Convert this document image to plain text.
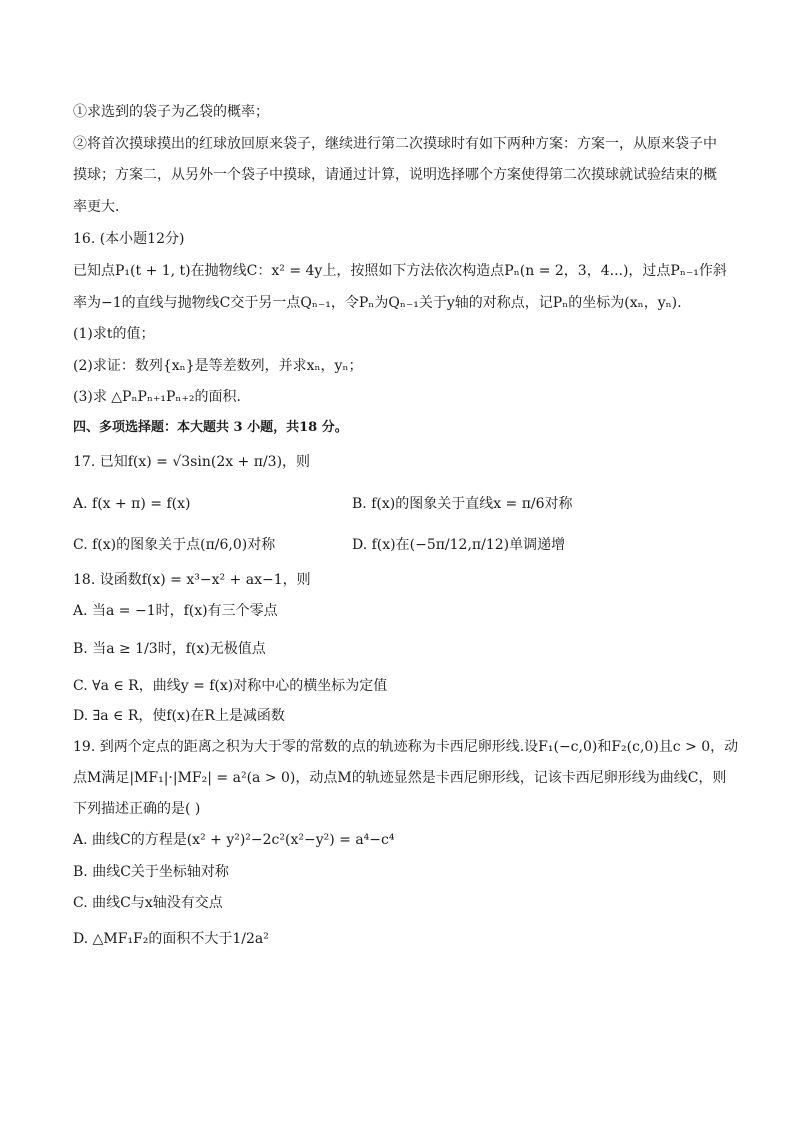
①求选到的袋子为乙袋的概率；
②将首次摸球摸出的红球放回原来袋子，继续进行第二次摸球时有如下两种方案：方案一，从原来袋子中
摸球；方案二，从另外一个袋子中摸球，请通过计算，说明选择哪个方案使得第二次摸球就试验结束的概
率更大．
16. (本小题12分)
已知点P₁(t + 1, t)在抛物线C：x² = 4y上，按照如下方法依次构造点Pₙ(n = 2，3，4...)，过点Pₙ₋₁作斜
率为−1的直线与抛物线C交于另一点Qₙ₋₁，令Pₙ为Qₙ₋₁关于y轴的对称点，记Pₙ的坐标为(xₙ，yₙ).
(1)求t的值；
(2)求证：数列{xₙ}是等差数列，并求xₙ，yₙ；
(3)求 △PₙPₙ₊₁Pₙ₊₂的面积．
四、多项选择题：本大题共 3 小题，共18 分。
17. 已知f(x) = √3sin(2x + π/3)，则
A. f(x + π) = f(x)	B. f(x)的图象关于直线x = π/6对称
C. f(x)的图象关于点(π/6,0)对称	D. f(x)在(−5π/12,π/12)单调递增
18. 设函数f(x) = x³−x² + ax−1，则
A. 当a = −1时，f(x)有三个零点
B. 当a ≥ 1/3时，f(x)无极值点
C. ∀a ∈ R，曲线y = f(x)对称中心的横坐标为定值
D. ∃a ∈ R，使f(x)在R上是减函数
19. 到两个定点的距离之积为大于零的常数的点的轨迹称为卡西尼卵形线.设F₁(−c,0)和F₂(c,0)且c > 0，动
点M满足|MF₁|·|MF₂| = a²(a > 0)，动点M的轨迹显然是卡西尼卵形线，记该卡西尼卵形线为曲线C，则
下列描述正确的是( )
A. 曲线C的方程是(x² + y²)²−2c²(x²−y²) = a⁴−c⁴
B. 曲线C关于坐标轴对称
C. 曲线C与x轴没有交点
D. △MF₁F₂的面积不大于1/2a²
